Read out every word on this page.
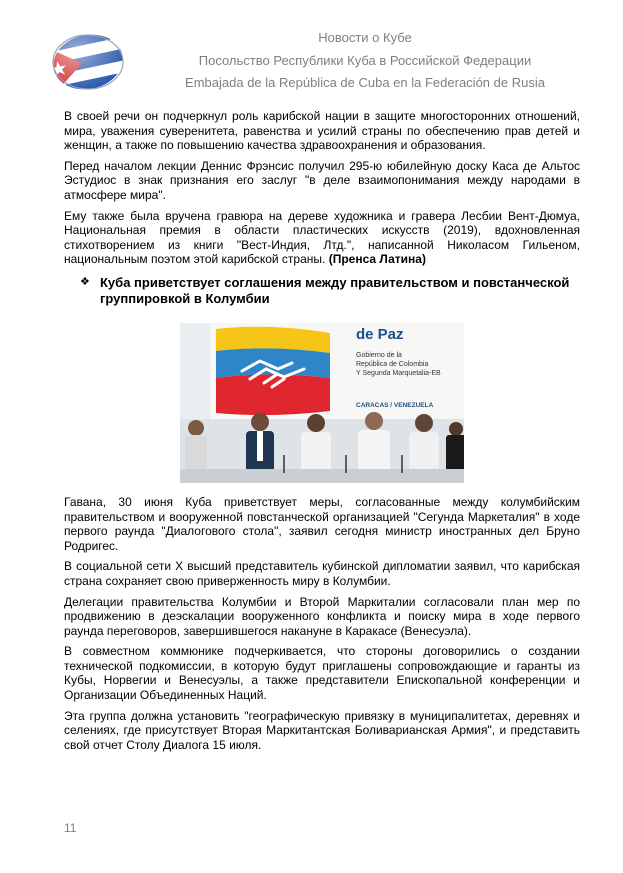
Новости о Кубе
Посольство Республики Куба в Российской Федерации
Embajada de la República de Cuba en la Federación de Rusia

В своей речи он подчеркнул роль карибской нации в защите многосторонних отношений, мира, уважения суверенитета, равенства и усилий страны по обеспечению прав детей и женщин, а также по повышению качества здравоохранения и образования.

Перед началом лекции Деннис Фрэнсис получил 295-ю юбилейную доску Каса де Альтос Эстудиос в знак признания его заслуг "в деле взаимопонимания между народами в атмосфере мира".

Ему также была вручена гравюра на дереве художника и гравера Лесбии Вент-Дюмуа, Национальная премия в области пластических искусств (2019), вдохновленная стихотворением из книги "Вест-Индия, Лтд.", написанной Николасом Гильеном, национальным поэтом этой карибской страны. (Пренса Латина)

❖ Куба приветствует соглашения между правительством и повстанческой группировкой в Колумбии
de Paz
Gobierno de la
República de Colombia
Y Segunda Marquetalia-EB
CARACAS / VENEZUELA

Гавана, 30 июня Куба приветствует меры, согласованные между колумбийским правительством и вооруженной повстанческой организацией "Сегунда Маркеталия" в ходе первого раунда "Диалогового стола", заявил сегодня министр иностранных дел Бруно Родригес.

В социальной сети X высший представитель кубинской дипломатии заявил, что карибская страна сохраняет свою приверженность миру в Колумбии.

Делегации правительства Колумбии и Второй Маркиталии согласовали план мер по продвижению в деэскалации вооруженного конфликта и поиску мира в ходе первого раунда переговоров, завершившегося накануне в Каракасе (Венесуэла).

В совместном коммюнике подчеркивается, что стороны договорились о создании технической подкомиссии, в которую будут приглашены сопровождающие и гаранты из Кубы, Норвегии и Венесуэлы, а также представители Епископальной конференции и Организации Объединенных Наций.

Эта группа должна установить "географическую привязку в муниципалитетах, деревнях и селениях, где присутствует Вторая Маркитантская Боливарианская Армия", и представить свой отчет Столу Диалога 15 июля.

11
